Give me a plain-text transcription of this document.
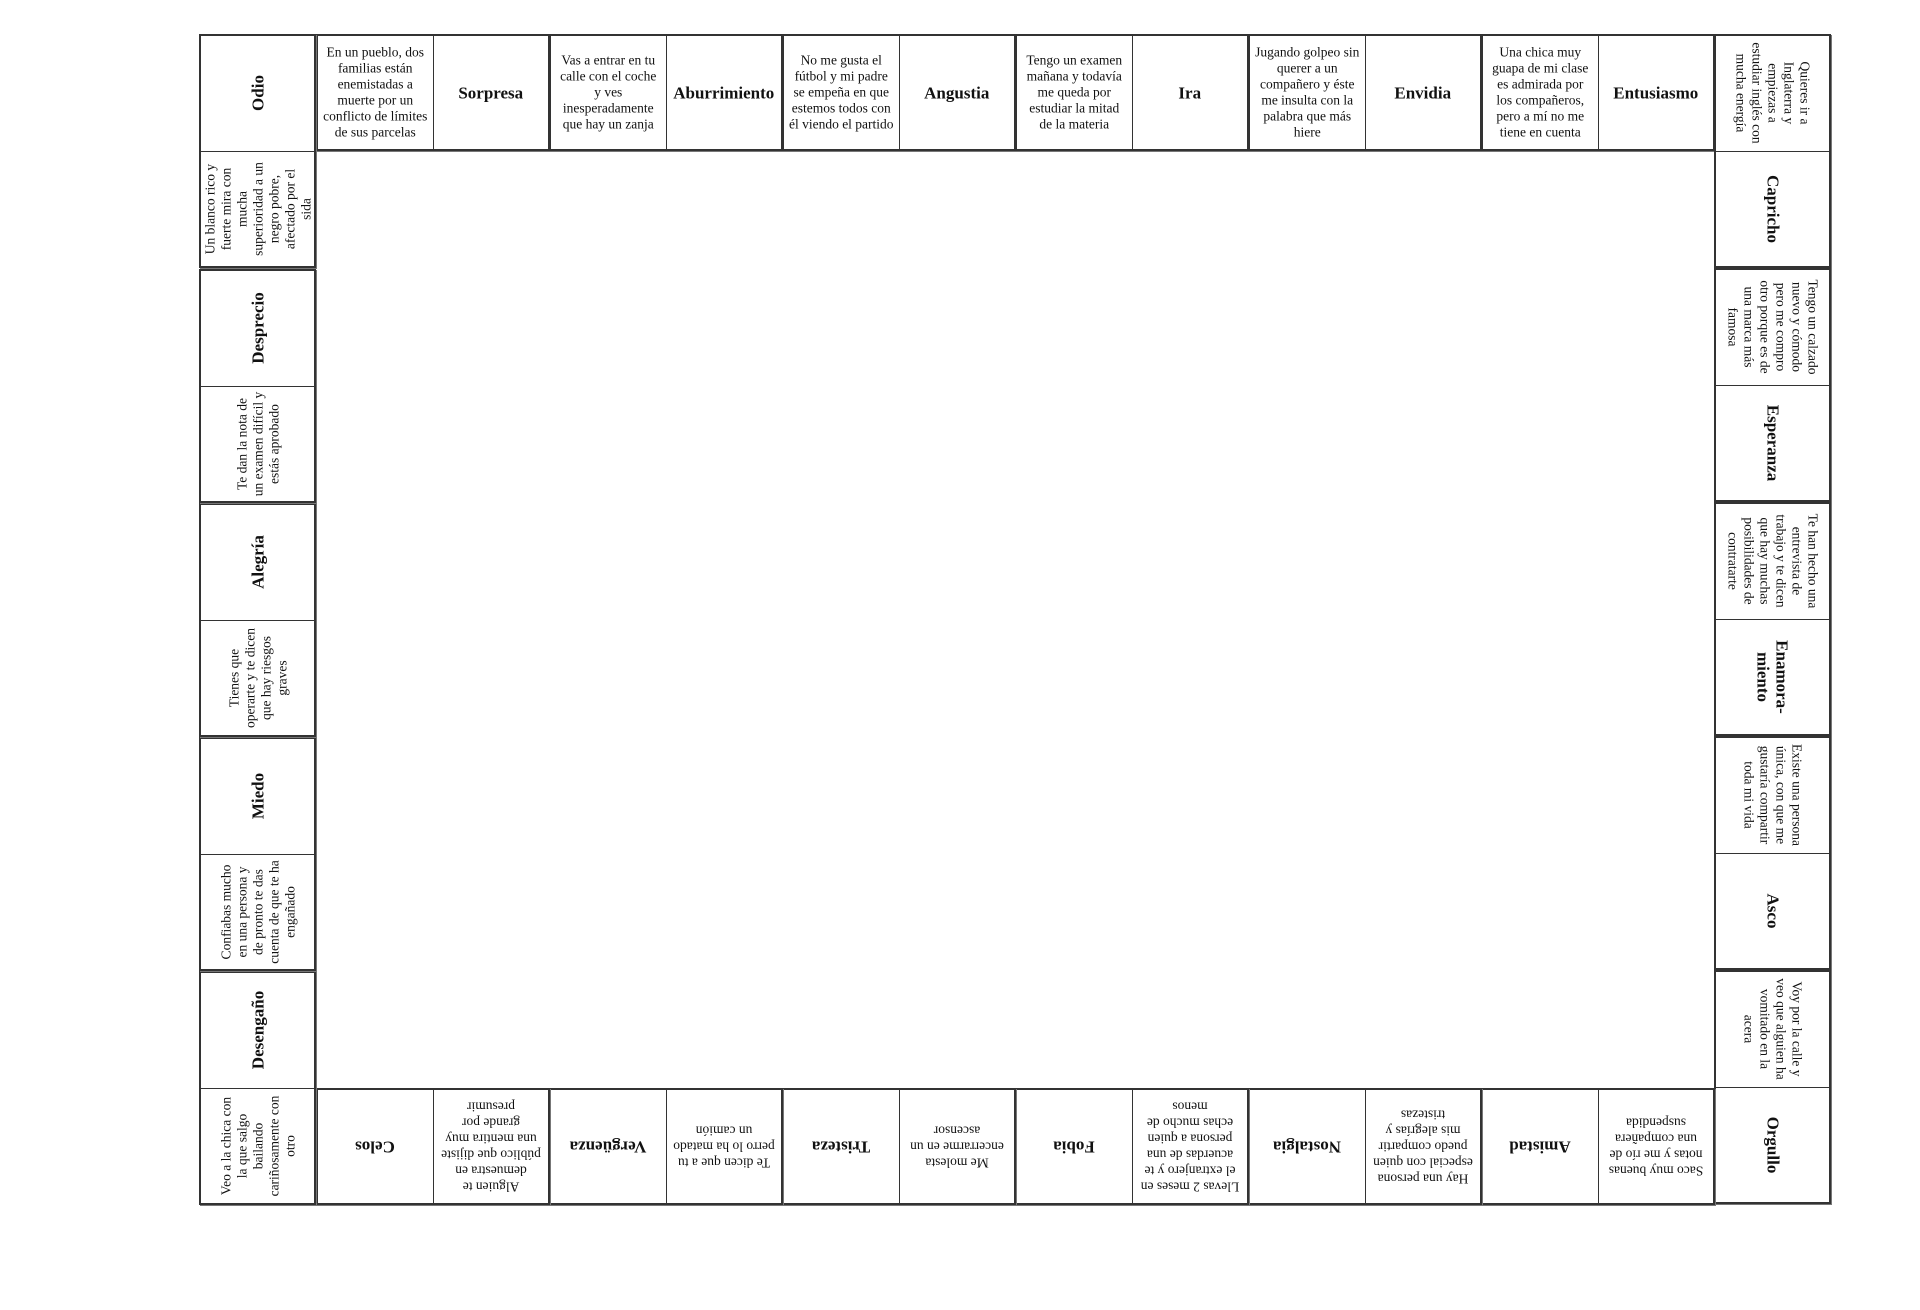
En un pueblo, dos familias están enemistadas a muerte por un conflicto de límites de sus parcelas
Sorpresa
Vas a entrar en tu calle con el coche y ves inesperadamente que hay un zanja
Aburrimiento
No me gusta el fútbol y mi padre se empeña en que estemos todos con él viendo el partido
Angustia
Tengo un examen mañana y todavía me queda por estudiar la mitad de la materia
Ira
Jugando golpeo sin querer a un compañero y éste me insulta con la palabra que más hiere
Envidia
Una chica muy guapa de mi clase es admirada por los compañeros, pero a mí no me tiene en cuenta
Entusiasmo	Quieres ir a Inglaterra y empiezas a estudiar inglés con mucha energía
Capricho
Tengo un calzado nuevo y cómodo pero me compro otro porque es de una marca más famosa
Esperanza
Te han hecho una entrevista de trabajo y te dicen que hay muchas posibilidades de contratarte
Enamora-miento
Existe una persona única, con que me gustaría compartir toda mi vida
Asco
Voy por la calle y veo que alguien ha vomitado en la acera
Orgullo
Amistad
Saco muy buenas notas y me río de una compañera suspendida
Nostalgia
Hay una persona especial con quien puedo compartir mis alegrías y tristezas
Fobia
Llevas 2 meses en el extranjero y te acuerdas de una persona a quien echas mucho de menos
Tristeza
Me molesta encerrarme en un ascensor
Vergüenza
Te dicen que a tu perro lo ha matado un camión
Celos
Alguien te demuestra en público que dijiste una mentira muy grande por presumir
Desengaño
Veo a la chica con la que salgo bailando cariñosamente con otro
Miedo
Confiabas mucho en una persona y de pronto te das cuenta de que te ha engañado
Alegría
Tienes que operarte y te dicen que hay riesgos graves
Desprecio
Te dan la nota de un examen difícil y estás aprobado
Odio
Un blanco rico y fuerte mira con mucha superioridad a un negro pobre, afectado por el sida
